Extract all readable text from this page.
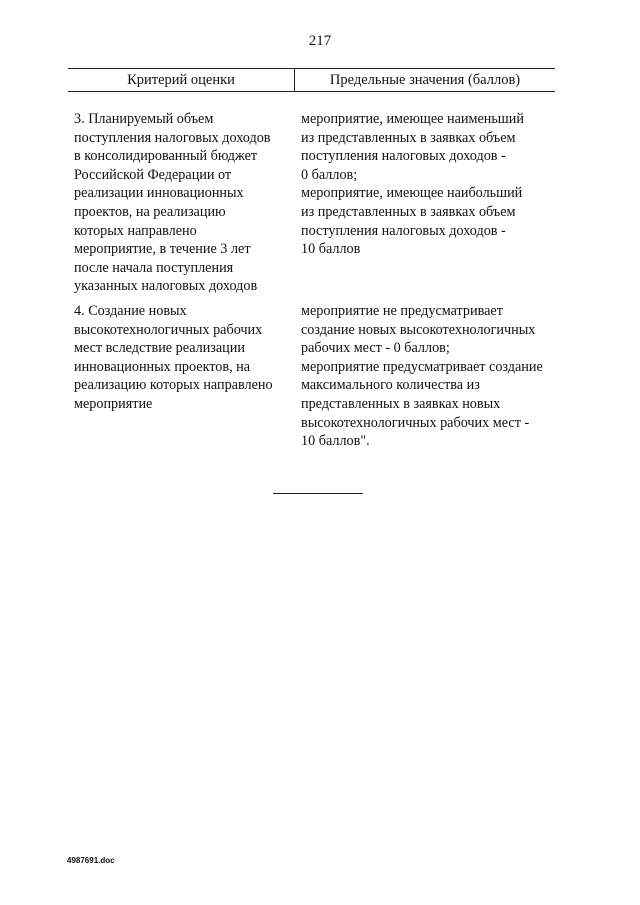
217
Критерий оценки	Предельные значения (баллов)
3. Планируемый объем
поступления налоговых доходов
в консолидированный бюджет
Российской Федерации от
реализации инновационных
проектов, на реализацию
которых направлено
мероприятие, в течение 3 лет
после начала поступления
указанных налоговых доходов
мероприятие, имеющее наименьший
из представленных в заявках объем
поступления налоговых доходов -
0 баллов;
мероприятие, имеющее наибольший
из представленных в заявках объем
поступления налоговых доходов -
10 баллов
4. Создание новых
высокотехнологичных рабочих
мест вследствие реализации
инновационных проектов, на
реализацию которых направлено
мероприятие
мероприятие не предусматривает
создание новых высокотехнологичных
рабочих мест - 0 баллов;
мероприятие предусматривает создание
максимального количества из
представленных в заявках новых
высокотехнологичных рабочих мест -
10 баллов".
4987691.doc
